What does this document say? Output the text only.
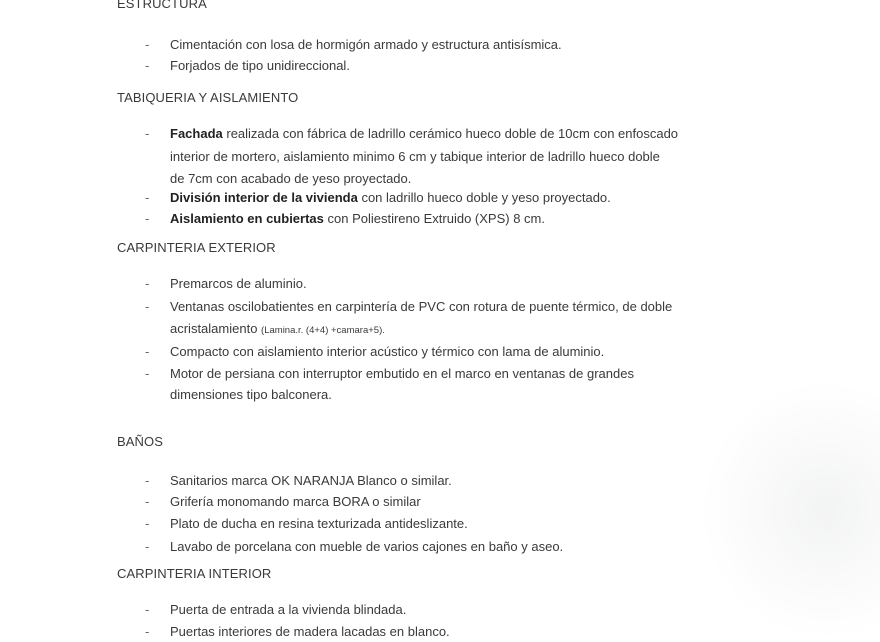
ESTRUCTURA
- Cimentación con losa de hormigón armado y estructura antisísmica.
- Forjados de tipo unidireccional.
TABIQUERIA Y AISLAMIENTO
- Fachada realizada con fábrica de ladrillo cerámico hueco doble de 10cm con enfoscado
interior de mortero, aislamiento minimo 6 cm y tabique interior de ladrillo hueco doble
de 7cm con acabado de yeso proyectado.
- División interior de la vivienda con ladrillo hueco doble y yeso proyectado.
- Aislamiento en cubiertas con Poliestireno Extruido (XPS) 8 cm.
CARPINTERIA EXTERIOR
- Premarcos de aluminio.
- Ventanas oscilobatientes en carpintería de PVC con rotura de puente térmico, de doble
acristalamiento (Lamina.r. (4+4) +camara+5).
- Compacto con aislamiento interior acústico y térmico con lama de aluminio.
- Motor de persiana con interruptor embutido en el marco en ventanas de grandes
dimensiones tipo balconera.
BAÑOS
- Sanitarios marca OK NARANJA Blanco o similar.
- Grifería monomando marca BORA o similar
- Plato de ducha en resina texturizada antideslizante.
- Lavabo de porcelana con mueble de varios cajones en baño y aseo.
CARPINTERIA INTERIOR
- Puerta de entrada a la vivienda blindada.
- Puertas interiores de madera lacadas en blanco.
